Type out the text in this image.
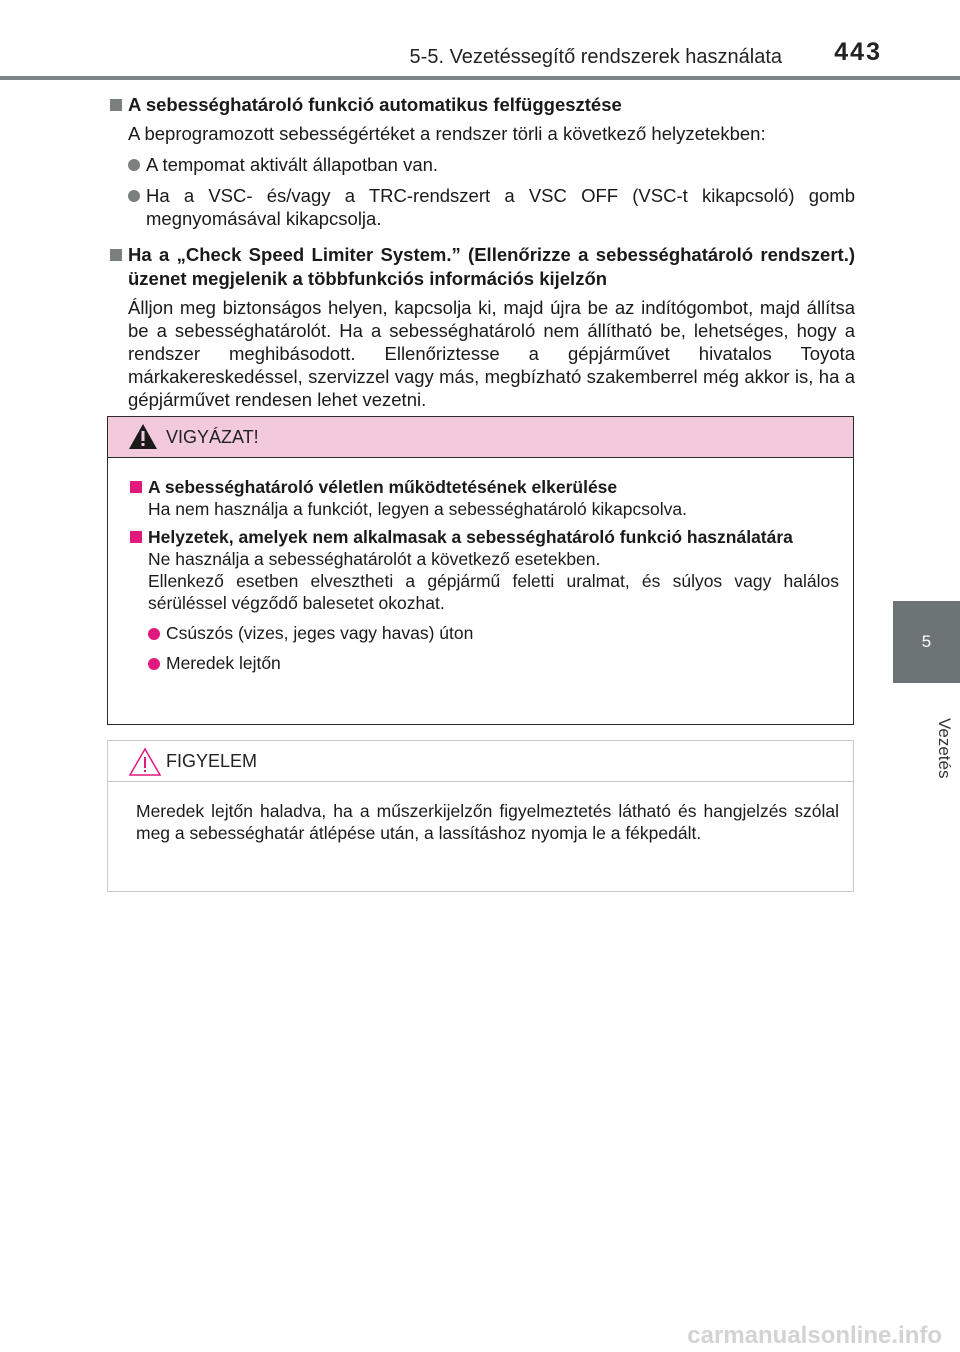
5-5. Vezetéssegítő rendszerek használata 443
5
Vezetés
A sebességhatároló funkció automatikus felfüggesztése
A beprogramozott sebességértéket a rendszer törli a következő helyzetekben:
A tempomat aktivált állapotban van.
Ha a VSC- és/vagy a TRC-rendszert a VSC OFF (VSC-t kikapcsoló) gomb megnyomásával kikapcsolja.
Ha a „Check Speed Limiter System.” (Ellenőrizze a sebességhatároló rendszert.) üzenet megjelenik a többfunkciós információs kijelzőn
Álljon meg biztonságos helyen, kapcsolja ki, majd újra be az indítógombot, majd állítsa be a sebességhatárolót. Ha a sebességhatároló nem állítható be, lehetséges, hogy a rendszer meghibásodott. Ellenőriztesse a gépjárművet hivatalos Toyota márkakereskedéssel, szervizzel vagy más, megbízható szakemberrel még akkor is, ha a gépjárművet rendesen lehet vezetni.
VIGYÁZAT!
A sebességhatároló véletlen működtetésének elkerülése
Ha nem használja a funkciót, legyen a sebességhatároló kikapcsolva.
Helyzetek, amelyek nem alkalmasak a sebességhatároló funkció használatára
Ne használja a sebességhatárolót a következő esetekben.
Ellenkező esetben elvesztheti a gépjármű feletti uralmat, és súlyos vagy halálos sérüléssel végződő balesetet okozhat.
Csúszós (vizes, jeges vagy havas) úton
Meredek lejtőn
FIGYELEM
Meredek lejtőn haladva, ha a műszerkijelzőn figyelmeztetés látható és hangjelzés szólal meg a sebességhatár átlépése után, a lassításhoz nyomja le a fékpedált.
carmanualsonline.info
